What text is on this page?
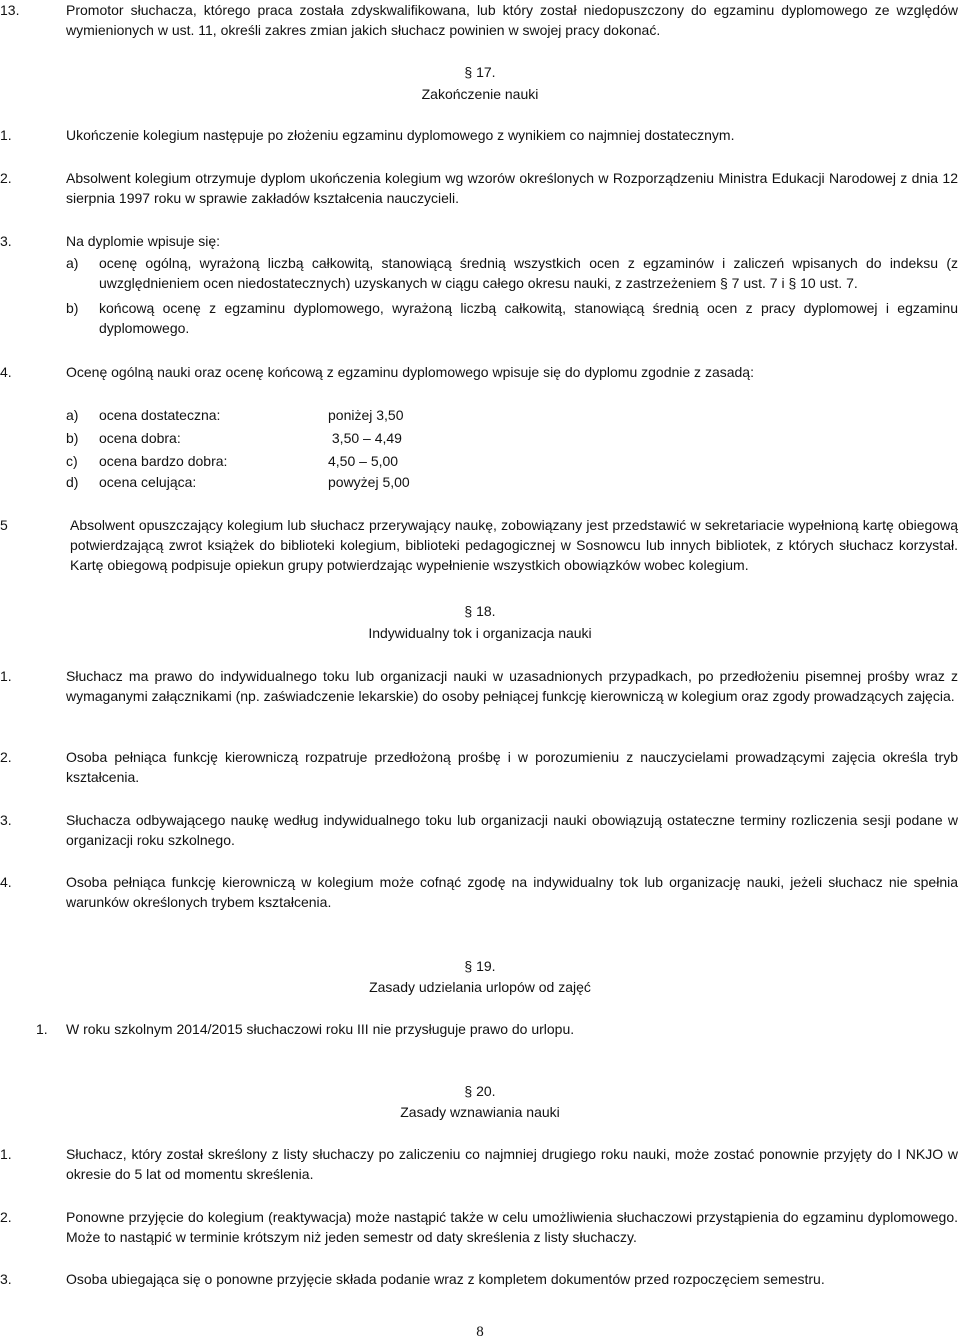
13.	Promotor słuchacza, którego praca została zdyskwalifikowana, lub który został niedopuszczony do egzaminu dyplomowego ze względów wymienionych w ust. 11, określi zakres zmian jakich słuchacz powinien w swojej pracy dokonać.
§ 17.
Zakończenie nauki
1.	Ukończenie kolegium następuje po złożeniu egzaminu dyplomowego z wynikiem co najmniej dostatecznym.
2.	Absolwent kolegium otrzymuje dyplom ukończenia kolegium wg wzorów określonych w Rozporządzeniu Ministra Edukacji Narodowej z dnia 12 sierpnia 1997 roku w sprawie zakładów kształcenia nauczycieli.
3.	Na dyplomie wpisuje się:
a) ocenę ogólną, wyrażoną liczbą całkowitą, stanowiącą średnią wszystkich ocen z egzaminów i zaliczeń wpisanych do indeksu (z uwzględnieniem ocen niedostatecznych) uzyskanych w ciągu całego okresu nauki, z zastrzeżeniem § 7 ust. 7 i § 10 ust. 7.
b) końcową ocenę z egzaminu dyplomowego, wyrażoną liczbą całkowitą, stanowiącą średnią ocen z pracy dyplomowej i egzaminu dyplomowego.
4.	Ocenę ogólną nauki oraz ocenę końcową z egzaminu dyplomowego wpisuje się do dyplomu zgodnie z zasadą:
a) ocena dostateczna:	poniżej 3,50
b) ocena dobra:	3,50 – 4,49
c) ocena bardzo dobra:	4,50 – 5,00
d) ocena celująca:	powyżej 5,00
5	Absolwent opuszczający kolegium lub słuchacz przerywający naukę, zobowiązany jest przedstawić w sekretariacie wypełnioną kartę obiegową potwierdzającą zwrot książek do biblioteki kolegium, biblioteki pedagogicznej w Sosnowcu lub innych bibliotek, z których słuchacz korzystał. Kartę obiegową podpisuje opiekun grupy potwierdzając wypełnienie wszystkich obowiązków wobec kolegium.
§ 18.
Indywidualny tok i organizacja nauki
1.	Słuchacz ma prawo do indywidualnego toku lub organizacji nauki w uzasadnionych przypadkach, po przedłożeniu pisemnej prośby wraz z wymaganymi załącznikami (np. zaświadczenie lekarskie) do osoby pełniącej funkcję kierowniczą w kolegium oraz zgody prowadzących zajęcia.
2.	Osoba pełniąca funkcję kierowniczą rozpatruje przedłożoną prośbę i w porozumieniu z nauczycielami prowadzącymi zajęcia określa tryb kształcenia.
3.	Słuchacza odbywającego naukę według indywidualnego toku lub organizacji nauki obowiązują ostateczne terminy rozliczenia sesji podane w organizacji roku szkolnego.
4.	Osoba pełniąca funkcję kierowniczą w kolegium może cofnąć zgodę na indywidualny tok lub organizację nauki, jeżeli słuchacz nie spełnia warunków określonych trybem kształcenia.
§ 19.
Zasady udzielania urlopów od zajęć
1. W roku szkolnym 2014/2015 słuchaczowi roku III nie przysługuje prawo do urlopu.
§ 20.
Zasady wznawiania nauki
1.	Słuchacz, który został skreślony z listy słuchaczy po zaliczeniu co najmniej drugiego roku nauki, może zostać ponownie przyjęty do I NKJO w okresie do 5 lat od momentu skreślenia.
2.	Ponowne przyjęcie do kolegium (reaktywacja) może nastąpić także w celu umożliwienia słuchaczowi przystąpienia do egzaminu dyplomowego. Może to nastąpić w terminie krótszym niż jeden semestr od daty skreślenia z listy słuchaczy.
3.	Osoba ubiegająca się o ponowne przyjęcie składa podanie wraz z kompletem dokumentów przed rozpoczęciem semestru.
8
